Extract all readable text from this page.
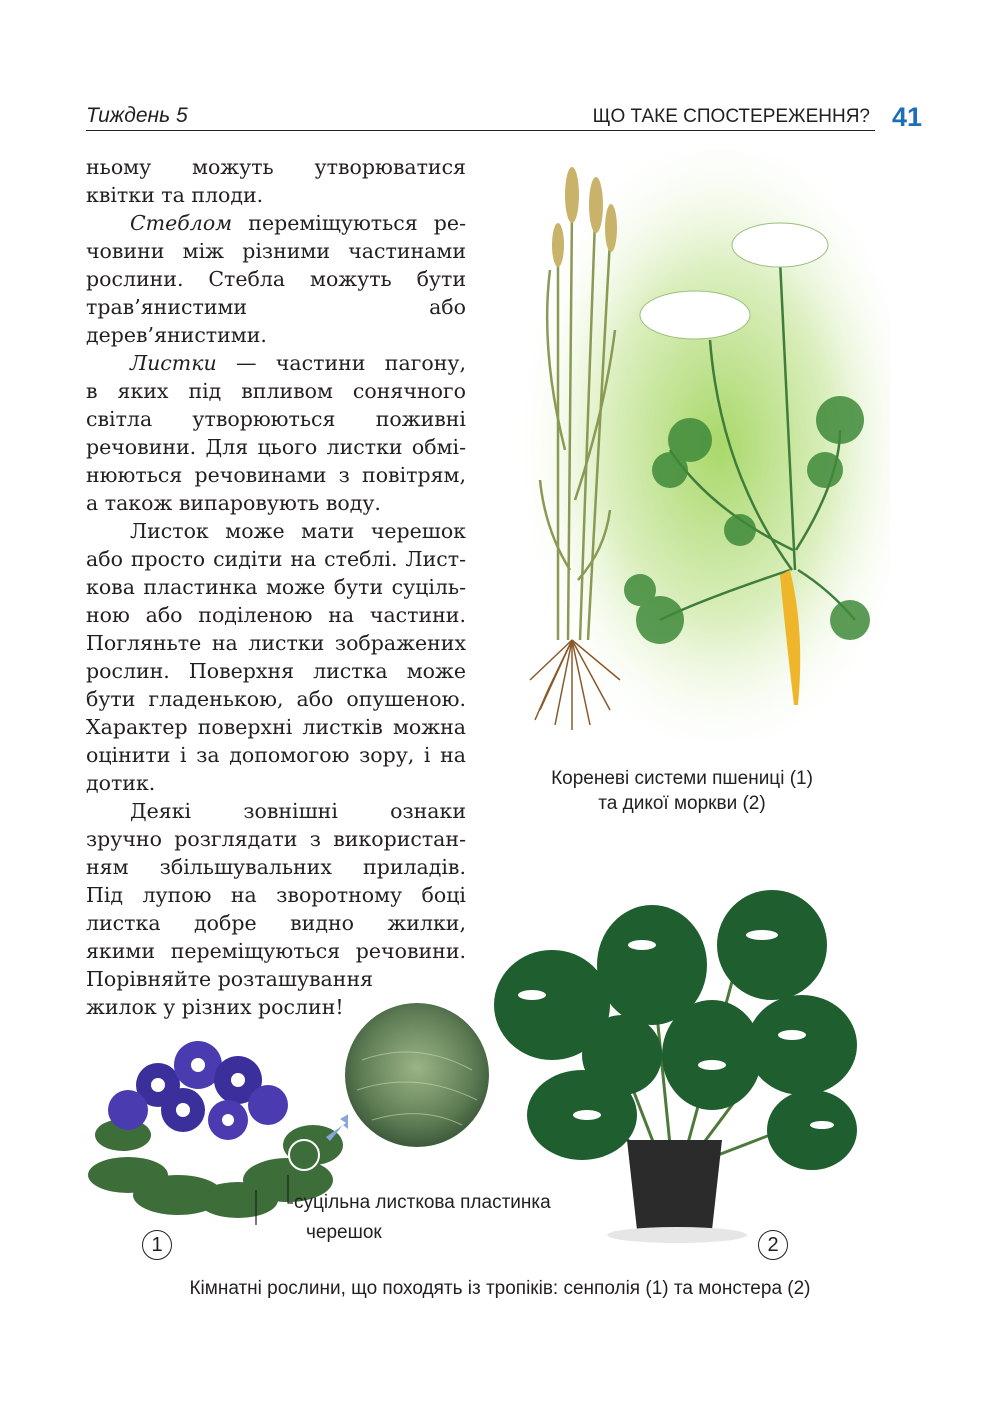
Тиждень 5	ЩО ТАКЕ СПОСТЕРЕЖЕННЯ? 41

ньому можуть утворюватися

квітки та плоди.

Стеблом переміщуються ре-

човини між різними частинами

рослини. Стебла можуть бути

трав’янистими або дерев’янистими.

Листки — частини пагону,

в яких під впливом сонячного

світла утворюються поживні

речовини. Для цього листки обмі-

нюються речовинами з повітрям,

а також випаровують воду.

Листок може мати черешок

або просто сидіти на стеблі. Лист-

кова пластинка може бути суціль-

ною або поділеною на частини.

Погляньте на листки зображених

рослин. Поверхня листка може

бути гладенькою, або опушеною.

Характер поверхні листків можна

оцінити і за допомогою зору, і на

дотик.

Деякі зовнішні ознаки

зручно розглядати з використан-

ням збільшувальних приладів.

Під лупою на зворотному боці

листка добре видно жилки,

якими переміщуються речовини.

Порівняйте розташування

жилок у різних рослин!

Кореневі системи пшениці (1)
та дикої моркви (2)
суцільна листкова пластинка
черешок
1	2
Кімнатні рослини, що походять із тропіків: сенполія (1) та монстера (2)
